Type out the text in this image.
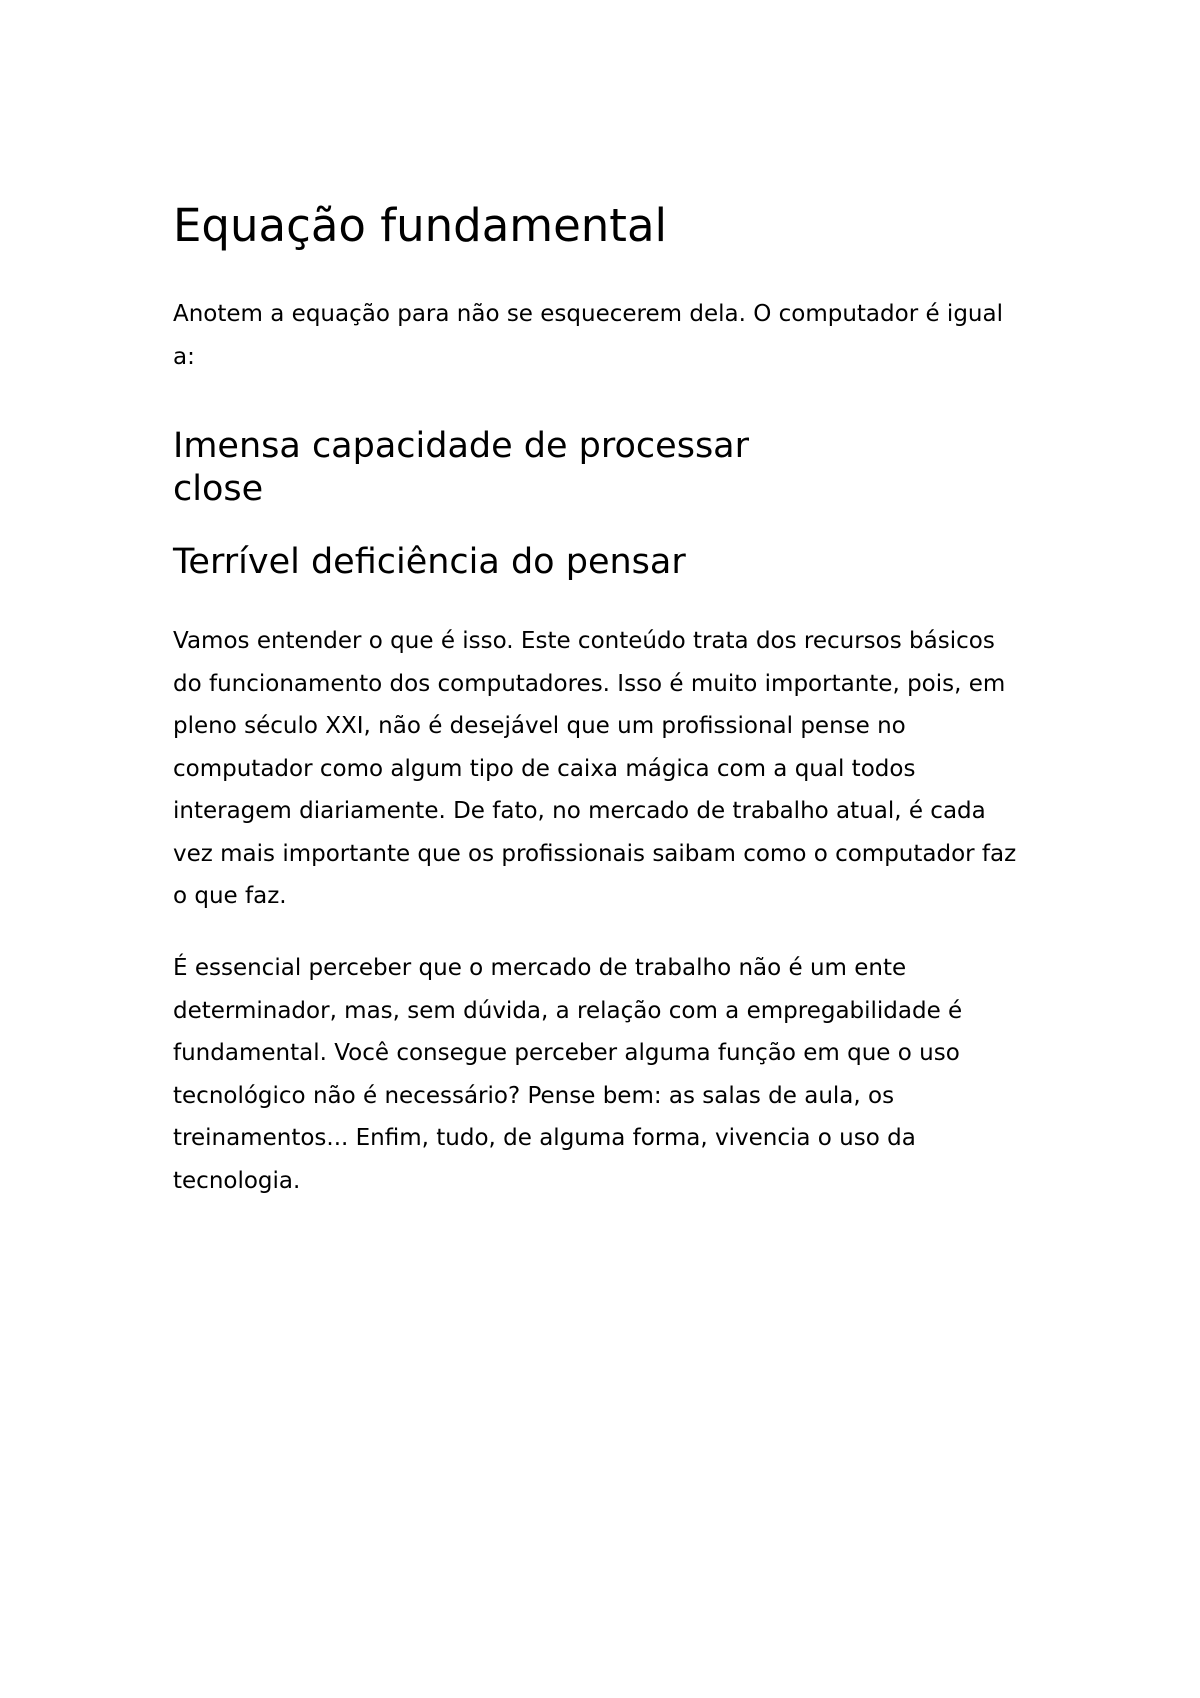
Equação fundamental

Anotem a equação para não se esquecerem dela. O computador é igual a:

Imensa capacidade de processar
close
Terrível deficiência do pensar

Vamos entender o que é isso. Este conteúdo trata dos recursos básicos do funcionamento dos computadores. Isso é muito importante, pois, em pleno século XXI, não é desejável que um profissional pense no computador como algum tipo de caixa mágica com a qual todos interagem diariamente. De fato, no mercado de trabalho atual, é cada vez mais importante que os profissionais saibam como o computador faz o que faz.

É essencial perceber que o mercado de trabalho não é um ente determinador, mas, sem dúvida, a relação com a empregabilidade é fundamental. Você consegue perceber alguma função em que o uso tecnológico não é necessário? Pense bem: as salas de aula, os treinamentos... Enfim, tudo, de alguma forma, vivencia o uso da tecnologia.
